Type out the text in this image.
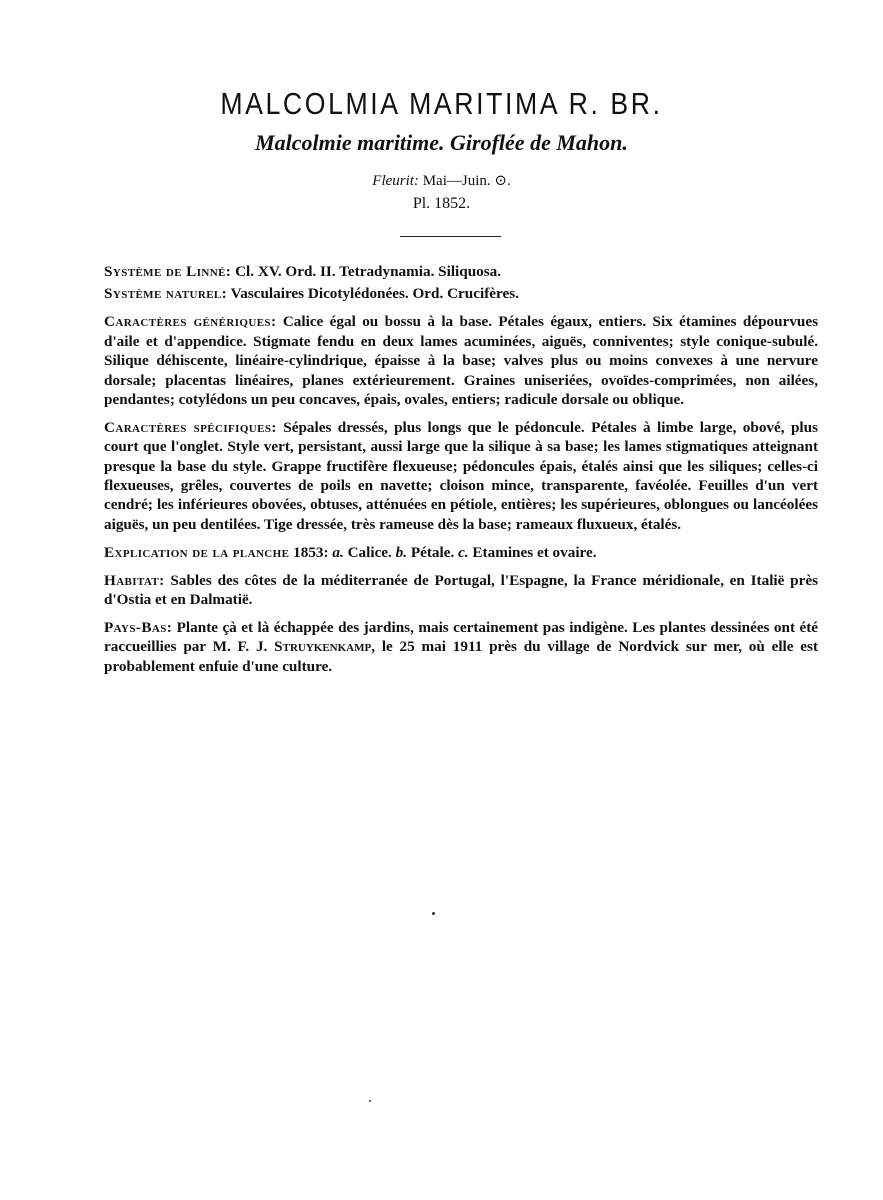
MALCOLMIA MARITIMA R. BR.
Malcolmie maritime. Giroflée de Mahon.
Fleurit: Mai—Juin. ⊙.
Pl. 1852.

Système de Linné: Cl. XV. Ord. II. Tetradynamia. Siliquosa.

Système naturel: Vasculaires Dicotylédonées. Ord. Crucifères.

Caractères génériques: Calice égal ou bossu à la base. Pétales égaux, entiers. Six étamines dépourvues d'aile et d'appendice. Stigmate fendu en deux lames acuminées, aiguës, conniventes; style conique-subulé. Silique déhiscente, linéaire-cylindrique, épaisse à la base; valves plus ou moins convexes à une nervure dorsale; placentas linéaires, planes extérieurement. Graines uniseriées, ovoïdes-comprimées, non ailées, pendantes; cotylédons un peu concaves, épais, ovales, entiers; radicule dorsale ou oblique.

Caractères spécifiques: Sépales dressés, plus longs que le pédoncule. Pétales à limbe large, obové, plus court que l'onglet. Style vert, persistant, aussi large que la silique à sa base; les lames stigmatiques atteignant presque la base du style. Grappe fructifère flexueuse; pédoncules épais, étalés ainsi que les siliques; celles-ci flexueuses, grêles, couvertes de poils en navette; cloison mince, transparente, favéolée. Feuilles d'un vert cendré; les inférieures obovées, obtuses, atténuées en pétiole, entières; les supérieures, oblongues ou lancéolées aiguës, un peu dentilées. Tige dressée, très rameuse dès la base; rameaux fluxueux, étalés.

Explication de la planche 1853: a. Calice. b. Pétale. c. Etamines et ovaire.

Habitat: Sables des côtes de la méditerranée de Portugal, l'Espagne, la France méridionale, en Italië près d'Ostia et en Dalmatië.

Pays-Bas: Plante çà et là échappée des jardins, mais certainement pas indigène. Les plantes dessinées ont été raccueillies par M. F. J. Struykenkamp, le 25 mai 1911 près du village de Nordvick sur mer, où elle est probablement enfuie d'une culture.
